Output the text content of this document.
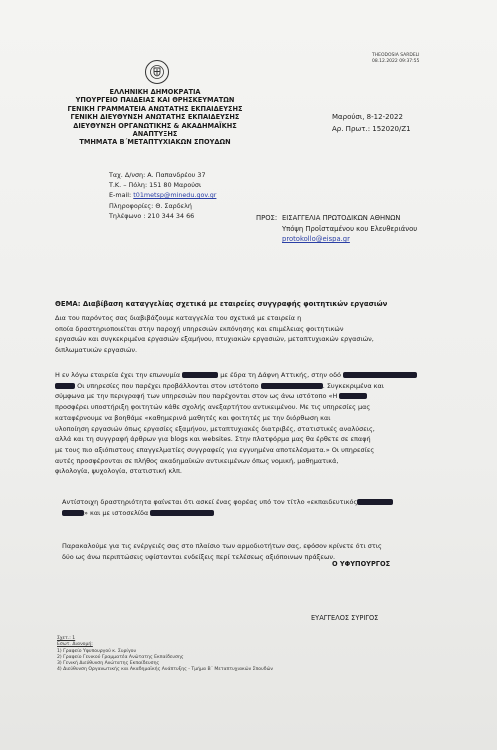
THEODOSIA SARDELI
08.12.2022 09:37:55
ΕΛΛΗΝΙΚΗ ΔΗΜΟΚΡΑΤΙΑ
ΥΠΟΥΡΓΕΙΟ ΠΑΙΔΕΙΑΣ ΚΑΙ ΘΡΗΣΚΕΥΜΑΤΩΝ
ΓΕΝΙΚΗ ΓΡΑΜΜΑΤΕΙΑ ΑΝΩΤΑΤΗΣ ΕΚΠΑΙΔΕΥΣΗΣ
ΓΕΝΙΚΗ ΔΙΕΥΘΥΝΣΗ ΑΝΩΤΑΤΗΣ ΕΚΠΑΙΔΕΥΣΗΣ
ΔΙΕΥΘΥΝΣΗ ΟΡΓΑΝΩΤΙΚΗΣ & ΑΚΑΔΗΜΑΪΚΗΣ
ΑΝΑΠΤΥΞΗΣ
ΤΜΗΜΑΤΑ Β΄ΜΕΤΑΠΤΥΧΙΑΚΩΝ ΣΠΟΥΔΩΝ
Μαρούσι, 8-12-2022
Αρ. Πρωτ.: 152020/Ζ1
Ταχ. Δ/νση: Α. Παπανδρέου 37
Τ.Κ. – Πόλη: 151 80 Μαρούσι
E-mail: t01metsp@minedu.gov.gr
Πληροφορίες: Θ. Σαρδελή
Τηλέφωνο : 210 344 34 66	ΠΡΟΣ: ΕΙΣΑΓΓΕΛΙΑ ΠΡΩΤΟΔΙΚΩΝ ΑΘΗΝΩΝ
Υπόψη Προϊσταμένου κου Ελευθεριάνου
protokollo@eispa.gr
ΘΕΜΑ: Διαβίβαση καταγγελίας σχετικά με εταιρείες συγγραφής φοιτητικών εργασιών
Δια του παρόντος σας διαβιβάζουμε καταγγελία του σχετικά με εταιρεία η
οποία δραστηριοποιείται στην παροχή υπηρεσιών εκπόνησης και επιμέλειας φοιτητικών
εργασιών και συγκεκριμένα εργασιών εξαμήνου, πτυχιακών εργασιών, μεταπτυχιακών εργασιών,
διπλωματικών εργασιών.
Η εν λόγω εταιρεία έχει την επωνυμία	με έδρα τη Δάφνη Αττικής, στην οδό
Οι υπηρεσίες που παρέχει προβάλλονται στον ιστότοπο	. Συγκεκριμένα και
σύμφωνα με την περιγραφή των υπηρεσιών που παρέχονται στον ως άνω ιστότοπο «Η
προσφέρει υποστήριξη φοιτητών κάθε σχολής ανεξαρτήτου αντικειμένου. Με τις υπηρεσίες μας
καταφέρνουμε να βοηθάμε «καθημερινά μαθητές και φοιτητές με την διόρθωση και
υλοποίηση εργασιών όπως εργασίες εξαμήνου, μεταπτυχιακές διατριβές, στατιστικές αναλύσεις,
αλλά και τη συγγραφή άρθρων για blogs και websites. Στην πλατφόρμα μας θα έρθετε σε επαφή
με τους πιο αξιόπιστους επαγγελματίες συγγραφείς για εγγυημένα αποτελέσματα.» Οι υπηρεσίες
αυτές προσφέρονται σε πλήθος ακαδημαϊκών αντικειμένων όπως νομική, μαθηματικά,
φιλολογία, ψυχολογία, στατιστική κλπ.
Αντίστοιχη δραστηριότητα φαίνεται ότι ασκεί ένας φορέας υπό τον τίτλο «εκπαιδευτικός
» και με ιστοσελίδα
Παρακαλούμε για τις ενέργειές σας στο πλαίσιο των αρμοδιοτήτων σας, εφόσον κρίνετε ότι στις
δύο ως άνω περιπτώσεις υφίστανται ενδείξεις περί τελέσεως αξιόποινων πράξεων.
Ο ΥΦΥΠΟΥΡΓΟΣ
ΕΥΑΓΓΕΛΟΣ ΣΥΡΙΓΟΣ
Σχετ.: 1
Εσωτ. Διανομή:
1) Γραφείο Υφυπουργού κ. Συρίγου
2) Γραφείο Γενικού Γραμματέα Ανώτατης Εκπαίδευσης
3) Γενική Διεύθυνση Ανώτατης Εκπαίδευσης
4) Διεύθυνση Οργανωτικής και Ακαδημαϊκής Ανάπτυξης - Τμήμα Β΄ Μεταπτυχιακών Σπουδών
